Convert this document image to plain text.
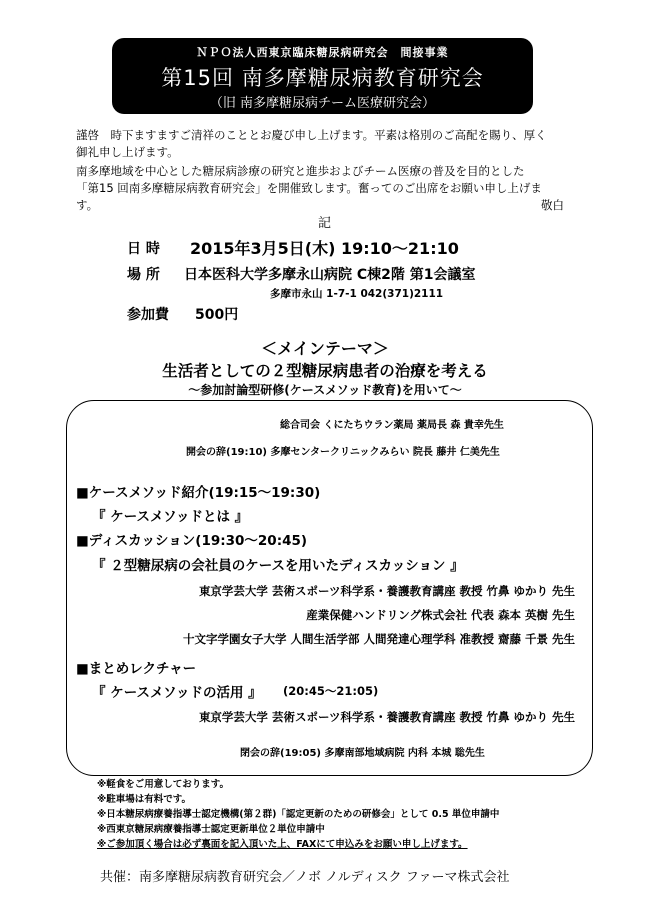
ＮＰＯ法人西東京臨床糖尿病研究会　間接事業
第15回 南多摩糖尿病教育研究会
（旧 南多摩糖尿病チーム医療研究会）
謹啓　時下ますますご清祥のこととお慶び申し上げます。平素は格別のご高配を賜り、厚く
御礼申し上げます。
南多摩地域を中心とした糖尿病診療の研究と進歩およびチーム医療の普及を目的とした
「第15 回南多摩糖尿病教育研究会」を開催致します。奮ってのご出席をお願い申し上げま
す。	敬白
記
日 時 2015年3月5日(木) 19:10〜21:10
場 所 日本医科大学多摩永山病院 C棟2階 第1会議室
多摩市永山 1-7-1 042(371)2111
参加費 500円
＜メインテーマ＞
生活者としての２型糖尿病患者の治療を考える
〜参加討論型研修(ケースメソッド教育)を用いて〜
総合司会 くにたちウラン薬局 薬局長 森 貴幸先生
開会の辞(19:10) 多摩センタークリニックみらい 院長 藤井 仁美先生
■ケースメソッド紹介(19:15〜19:30)
『 ケースメソッドとは 』
■ディスカッション(19:30〜20:45)
『 ２型糖尿病の会社員のケースを用いたディスカッション 』
東京学芸大学 芸術スポーツ科学系・養護教育講座 教授 竹鼻 ゆかり 先生
産業保健ハンドリング株式会社 代表 森本 英樹 先生
十文字学園女子大学 人間生活学部 人間発達心理学科 准教授 齋藤 千景 先生
■まとめレクチャー
『 ケースメソッドの活用 』 (20:45〜21:05)
東京学芸大学 芸術スポーツ科学系・養護教育講座 教授 竹鼻 ゆかり 先生
閉会の辞(19:05) 多摩南部地域病院 内科 本城 聡先生
※軽食をご用意しております。
※駐車場は有料です。
※日本糖尿病療養指導士認定機構(第２群)「認定更新のための研修会」として 0.5 単位申請中
※西東京糖尿病療養指導士認定更新単位２単位申請中
※ご参加頂く場合は必ず裏面を記入頂いた上、FAXにて申込みをお願い申し上げます。
共催：南多摩糖尿病教育研究会／ノボ ノルディスク ファーマ株式会社
